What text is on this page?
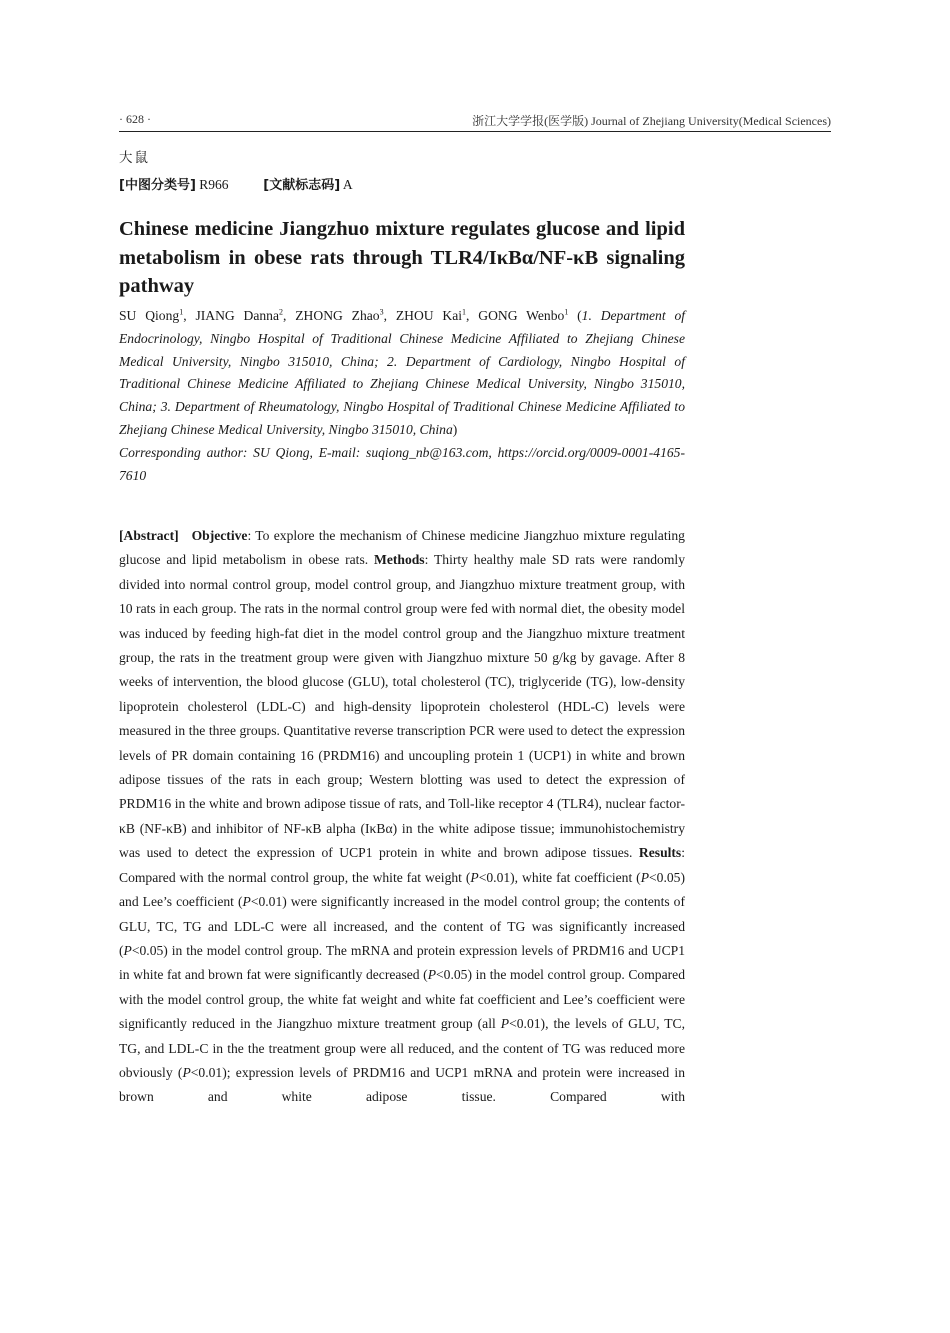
· 628 ·	浙江大学学报(医学版) Journal of Zhejiang University(Medical Sciences)
大鼠
[中图分类号] R966	[文献标志码] A
Chinese medicine Jiangzhuo mixture regulates glucose and lipid metabolism in obese rats through TLR4/IκBα/NF-κB signaling pathway
SU Qiong$^1$, JIANG Danna$^2$, ZHONG Zhao$^3$, ZHOU Kai$^1$, GONG Wenbo$^1$ (1. Department of Endocrinology, Ningbo Hospital of Traditional Chinese Medicine Affiliated to Zhejiang Chinese Medical University, Ningbo 315010, China; 2. Department of Cardiology, Ningbo Hospital of Traditional Chinese Medicine Affiliated to Zhejiang Chinese Medical University, Ningbo 315010, China; 3. Department of Rheumatology, Ningbo Hospital of Traditional Chinese Medicine Affiliated to Zhejiang Chinese Medical University, Ningbo 315010, China)
Corresponding author: SU Qiong, E-mail: suqiong_nb@163.com, https://orcid.org/0009-0001-4165-7610
[Abstract] Objective: To explore the mechanism of Chinese medicine Jiangzhuo mixture regulating glucose and lipid metabolism in obese rats. Methods: Thirty healthy male SD rats were randomly divided into normal control group, model control group, and Jiangzhuo mixture treatment group, with 10 rats in each group. The rats in the normal control group were fed with normal diet, the obesity model was induced by feeding high-fat diet in the model control group and the Jiangzhuo mixture treatment group, the rats in the treatment group were given with Jiangzhuo mixture 50 g/kg by gavage. After 8 weeks of intervention, the blood glucose (GLU), total cholesterol (TC), triglyceride (TG), low-density lipoprotein cholesterol (LDL-C) and high-density lipoprotein cholesterol (HDL-C) levels were measured in the three groups. Quantitative reverse transcription PCR were used to detect the expression levels of PR domain containing 16 (PRDM16) and uncoupling protein 1 (UCP1) in white and brown adipose tissues of the rats in each group; Western blotting was used to detect the expression of PRDM16 in the white and brown adipose tissue of rats, and Toll-like receptor 4 (TLR4), nuclear factor-κB (NF-κB) and inhibitor of NF-κB alpha (IκBα) in the white adipose tissue; immunohistochemistry was used to detect the expression of UCP1 protein in white and brown adipose tissues. Results: Compared with the normal control group, the white fat weight (P<0.01), white fat coefficient (P<0.05) and Lee’s coefficient (P<0.01) were significantly increased in the model control group; the contents of GLU, TC, TG and LDL-C were all increased, and the content of TG was significantly increased (P<0.05) in the model control group. The mRNA and protein expression levels of PRDM16 and UCP1 in white fat and brown fat were significantly decreased (P<0.05) in the model control group. Compared with the model control group, the white fat weight and white fat coefficient and Lee’s coefficient were significantly reduced in the Jiangzhuo mixture treatment group (all P<0.01), the levels of GLU, TC, TG, and LDL-C in the the treatment group were all reduced, and the content of TG was reduced more obviously (P<0.01); expression levels of PRDM16 and UCP1 mRNA and protein were increased in brown and white adipose tissue. Compared with
